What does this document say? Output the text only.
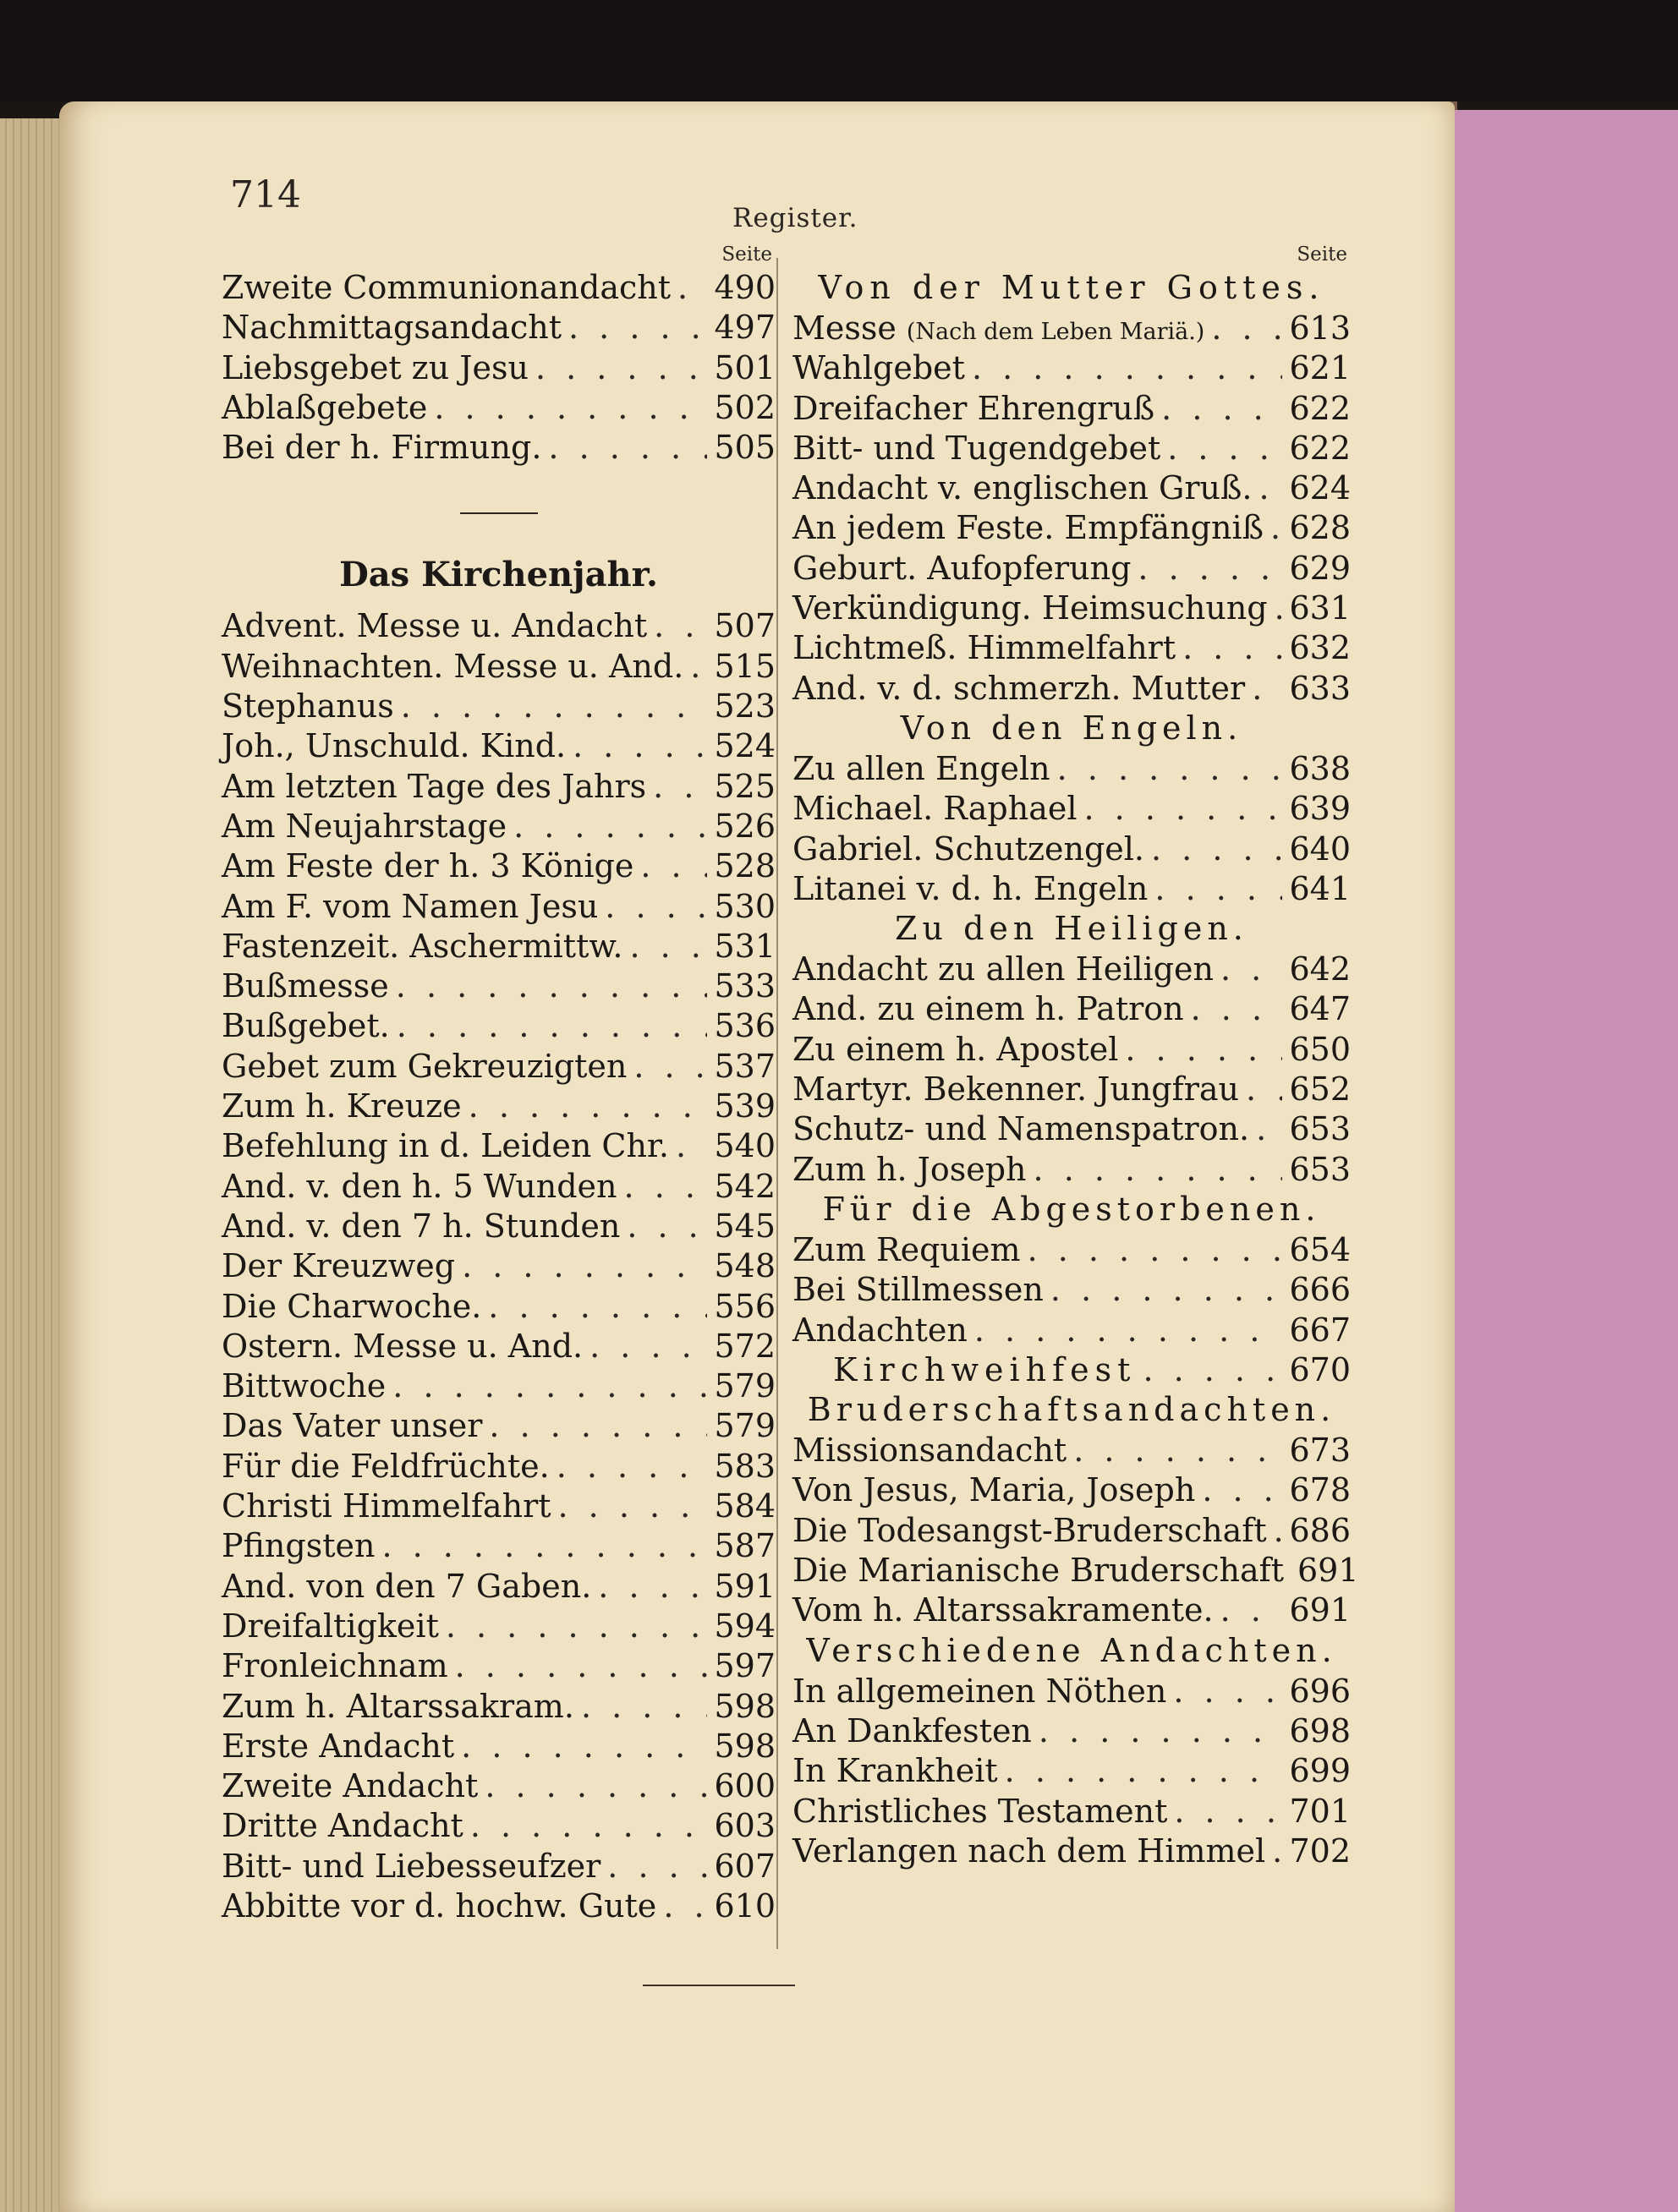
714
Register.
Seite
Zweite Communionandacht . . . 490
Nachmittagsandacht . . .	497
Liebsgebet zu Jesu . . .	501
Ablaßgebete . . .	502
Bei der h. Firmung. . . .	505
Das Kirchenjahr.
Advent. Messe u. Andacht . . . 507
Weihnachten. Messe u. And. . . . 515
Stephanus . . .	523
Joh., Unschuld. Kind. . . .	524
Am letzten Tage des Jahrs . . . 525
Am Neujahrstage . . .	526
Am Feste der h. 3 Könige . . .	528
Am F. vom Namen Jesu . . .	530
Fastenzeit. Aschermittw. . . .	531
Bußmesse . . .	533
Bußgebet. . . .	536
Gebet zum Gekreuzigten . . .	537
Zum h. Kreuze . . .	539
Befehlung in d. Leiden Chr. . . . 540
And. v. den h. 5 Wunden . . .	542
And. v. den 7 h. Stunden . . .	545
Der Kreuzweg . . .	548
Die Charwoche. . . .	556
Ostern. Messe u. And. . . .	572
Bittwoche . . .	579
Das Vater unser . . .	579
Für die Feldfrüchte. . . .	583
Christi Himmelfahrt . . .	584
Pfingsten . . .	587
And. von den 7 Gaben. . . .	591
Dreifaltigkeit . . .	594
Fronleichnam . . .	597
Zum h. Altarssakram. . . .	598
Erste Andacht . . .	598
Zweite Andacht . . .	600
Dritte Andacht . . .	603
Bitt- und Liebesseufzer . . .	607
Abbitte vor d. hochw. Gute . . . 610
Seite
Von der Mutter Gottes.
Messe (Nach dem Leben Mariä.) . . .	613
Wahlgebet . . .	621
Dreifacher Ehrengruß . . .	622
Bitt- und Tugendgebet . . .	622
Andacht v. englischen Gruß. . . . 624
An jedem Feste. Empfängniß . . . 628
Geburt. Aufopferung . . .	629
Verkündigung. Heimsuchung . . . 631
Lichtmeß. Himmelfahrt . . .	632
And. v. d. schmerzh. Mutter . . . 633
Von den Engeln.
Zu allen Engeln . . .	638
Michael. Raphael . . .	639
Gabriel. Schutzengel. . . .	640
Litanei v. d. h. Engeln . . .	641
Zu den Heiligen.
Andacht zu allen Heiligen . . . 642
And. zu einem h. Patron . . .	647
Zu einem h. Apostel . . .	650
Martyr. Bekenner. Jungfrau . . . 652
Schutz- und Namenspatron. . . . 653
Zum h. Joseph . . .	653
Für die Abgestorbenen.
Zum Requiem . . .	654
Bei Stillmessen . . .	666
Andachten . . .	667
Kirchweihfest . . .	670
Bruderschaftsandachten.
Missionsandacht . . .	673
Von Jesus, Maria, Joseph . . .	678
Die Todesangst-Bruderschaft . . . 686
Die Marianische Bruderschaft 691
Vom h. Altarssakramente. . . . 691
Verschiedene Andachten.
In allgemeinen Nöthen . . .	696
An Dankfesten . . .	698
In Krankheit . . .	699
Christliches Testament . . .	701
Verlangen nach dem Himmel . . . 702
